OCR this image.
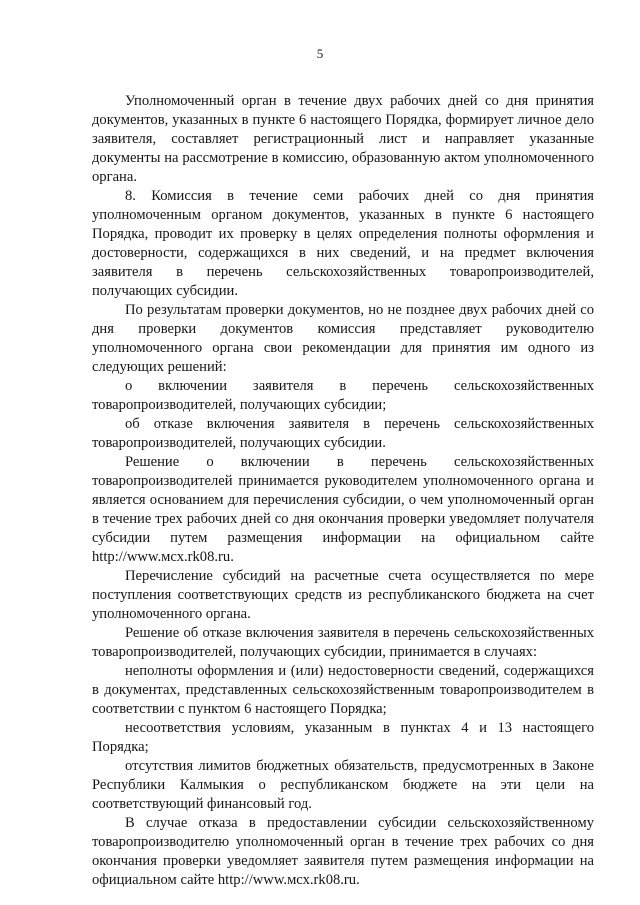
5

Уполномоченный орган в течение двух рабочих дней со дня принятия документов, указанных в пункте 6 настоящего Порядка, формирует личное дело заявителя, составляет регистрационный лист и направляет указанные документы на рассмотрение в комиссию, образованную актом уполномоченного органа.

8. Комиссия в течение семи рабочих дней со дня принятия уполномоченным органом документов, указанных в пункте 6 настоящего Порядка, проводит их проверку в целях определения полноты оформления и достоверности, содержащихся в них сведений, и на предмет включения заявителя в перечень сельскохозяйственных товаропроизводителей, получающих субсидии.

По результатам проверки документов, но не позднее двух рабочих дней со дня проверки документов комиссия представляет руководителю уполномоченного органа свои рекомендации для принятия им одного из следующих решений:

о включении заявителя в перечень сельскохозяйственных товаропроизводителей, получающих субсидии;

об отказе включения заявителя в перечень сельскохозяйственных товаропроизводителей, получающих субсидии.

Решение о включении в перечень сельскохозяйственных товаропроизводителей принимается руководителем уполномоченного органа и является основанием для перечисления субсидии, о чем уполномоченный орган в течение трех рабочих дней со дня окончания проверки уведомляет получателя субсидии путем размещения информации на официальном сайте http://www.мсх.rk08.ru.

Перечисление субсидий на расчетные счета осуществляется по мере поступления соответствующих средств из республиканского бюджета на счет уполномоченного органа.

Решение об отказе включения заявителя в перечень сельскохозяйственных товаропроизводителей, получающих субсидии, принимается в случаях:

неполноты оформления и (или) недостоверности сведений, содержащихся в документах, представленных сельскохозяйственным товаропроизводителем в соответствии с пунктом 6 настоящего Порядка;

несоответствия условиям, указанным в пунктах 4 и 13 настоящего Порядка;

отсутствия лимитов бюджетных обязательств, предусмотренных в Законе Республики Калмыкия о республиканском бюджете на эти цели на соответствующий финансовый год.

В случае отказа в предоставлении субсидии сельскохозяйственному товаропроизводителю уполномоченный орган в течение трех рабочих со дня окончания проверки уведомляет заявителя путем размещения информации на официальном сайте http://www.мсх.rk08.ru.
